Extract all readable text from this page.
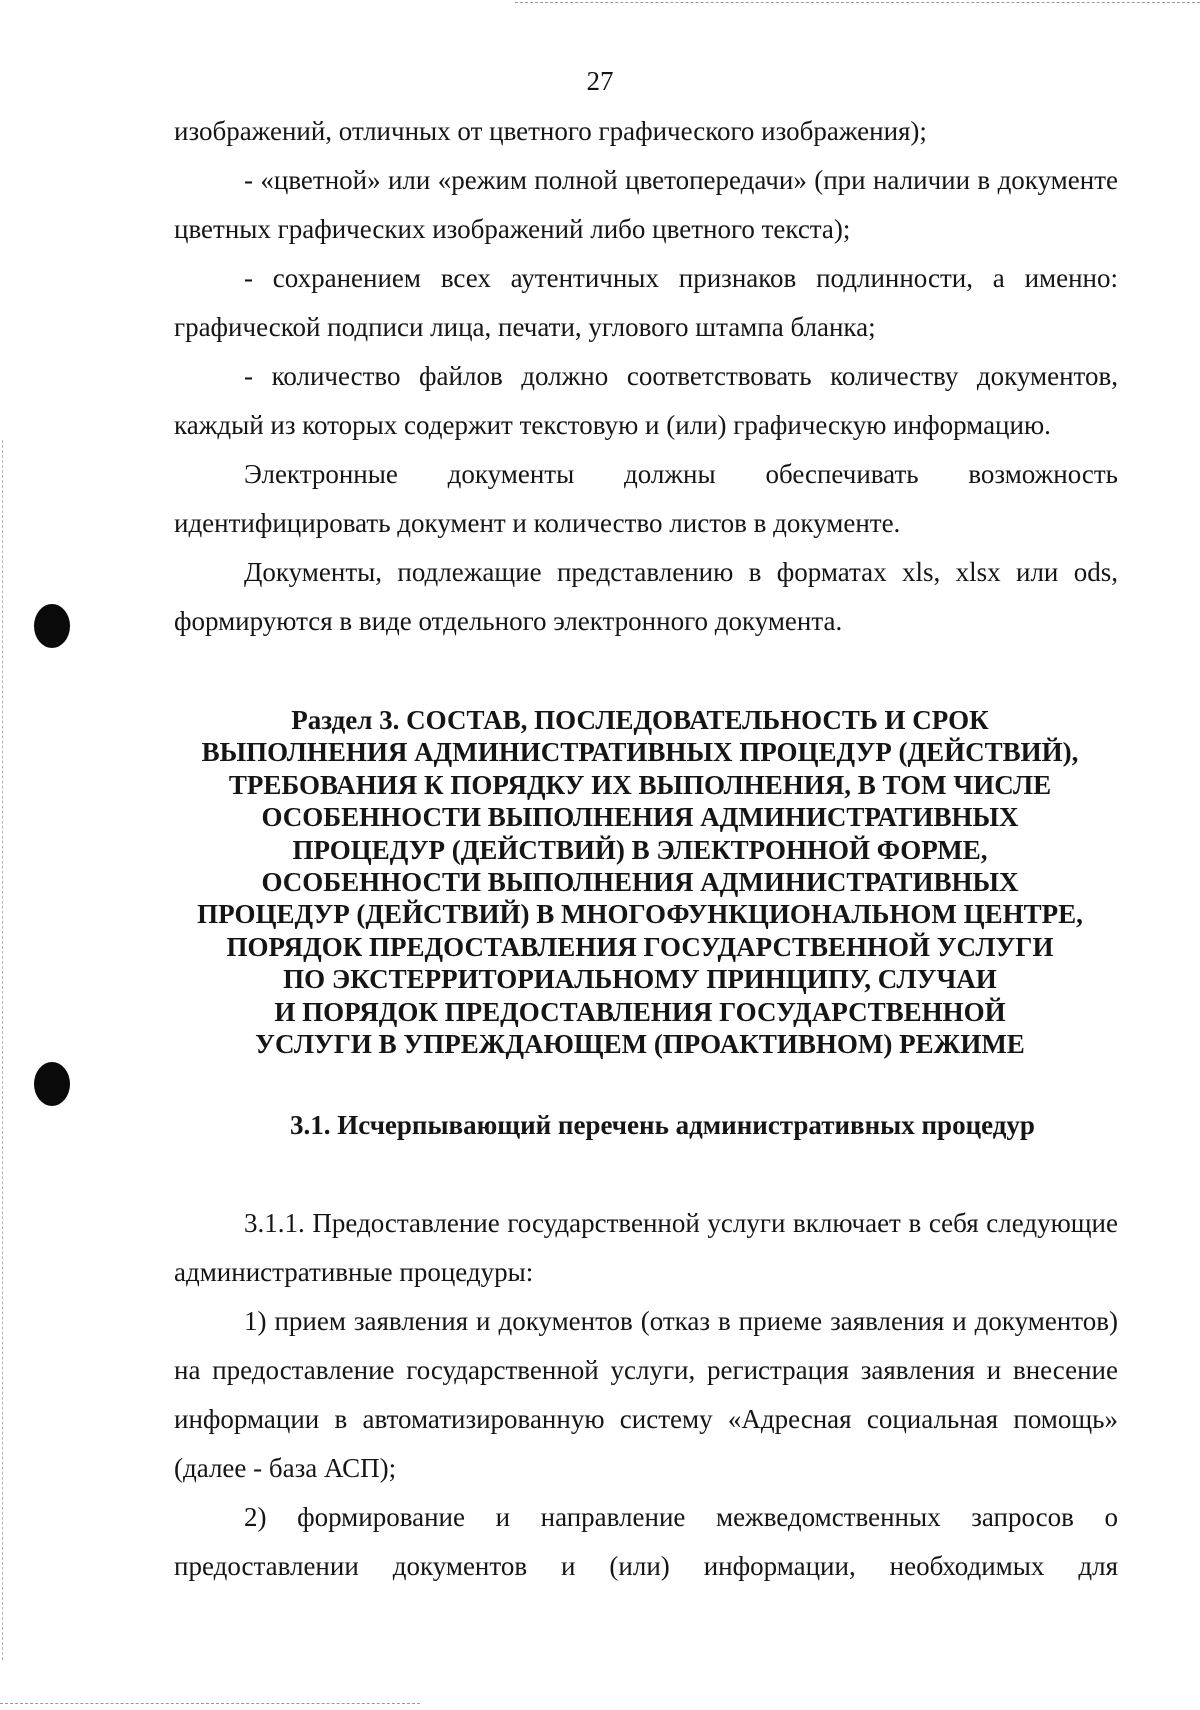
27

изображений, отличных от цветного графического изображения);

- «цветной» или «режим полной цветопередачи» (при наличии в документе цветных графических изображений либо цветного текста);

- сохранением всех аутентичных признаков подлинности, а именно: графической подписи лица, печати, углового штампа бланка;

- количество файлов должно соответствовать количеству документов, каждый из которых содержит текстовую и (или) графическую информацию.

Электронные документы должны обеспечивать возможность идентифицировать документ и количество листов в документе.

Документы, подлежащие представлению в форматах xls, xlsx или ods, формируются в виде отдельного электронного документа.

Раздел 3. СОСТАВ, ПОСЛЕДОВАТЕЛЬНОСТЬ И СРОК
ВЫПОЛНЕНИЯ АДМИНИСТРАТИВНЫХ ПРОЦЕДУР (ДЕЙСТВИЙ),
ТРЕБОВАНИЯ К ПОРЯДКУ ИХ ВЫПОЛНЕНИЯ, В ТОМ ЧИСЛЕ
ОСОБЕННОСТИ ВЫПОЛНЕНИЯ АДМИНИСТРАТИВНЫХ
ПРОЦЕДУР (ДЕЙСТВИЙ) В ЭЛЕКТРОННОЙ ФОРМЕ,
ОСОБЕННОСТИ ВЫПОЛНЕНИЯ АДМИНИСТРАТИВНЫХ
ПРОЦЕДУР (ДЕЙСТВИЙ) В МНОГОФУНКЦИОНАЛЬНОМ ЦЕНТРЕ,
ПОРЯДОК ПРЕДОСТАВЛЕНИЯ ГОСУДАРСТВЕННОЙ УСЛУГИ
ПО ЭКСТЕРРИТОРИАЛЬНОМУ ПРИНЦИПУ, СЛУЧАИ
И ПОРЯДОК ПРЕДОСТАВЛЕНИЯ ГОСУДАРСТВЕННОЙ
УСЛУГИ В УПРЕЖДАЮЩЕМ (ПРОАКТИВНОМ) РЕЖИМЕ
3.1. Исчерпывающий перечень административных процедур

3.1.1. Предоставление государственной услуги включает в себя следующие административные процедуры:

1) прием заявления и документов (отказ в приеме заявления и документов) на предоставление государственной услуги, регистрация заявления и внесение информации в автоматизированную систему «Адресная социальная помощь» (далее - база АСП);

2) формирование и направление межведомственных запросов о предоставлении документов и (или) информации, необходимых для
